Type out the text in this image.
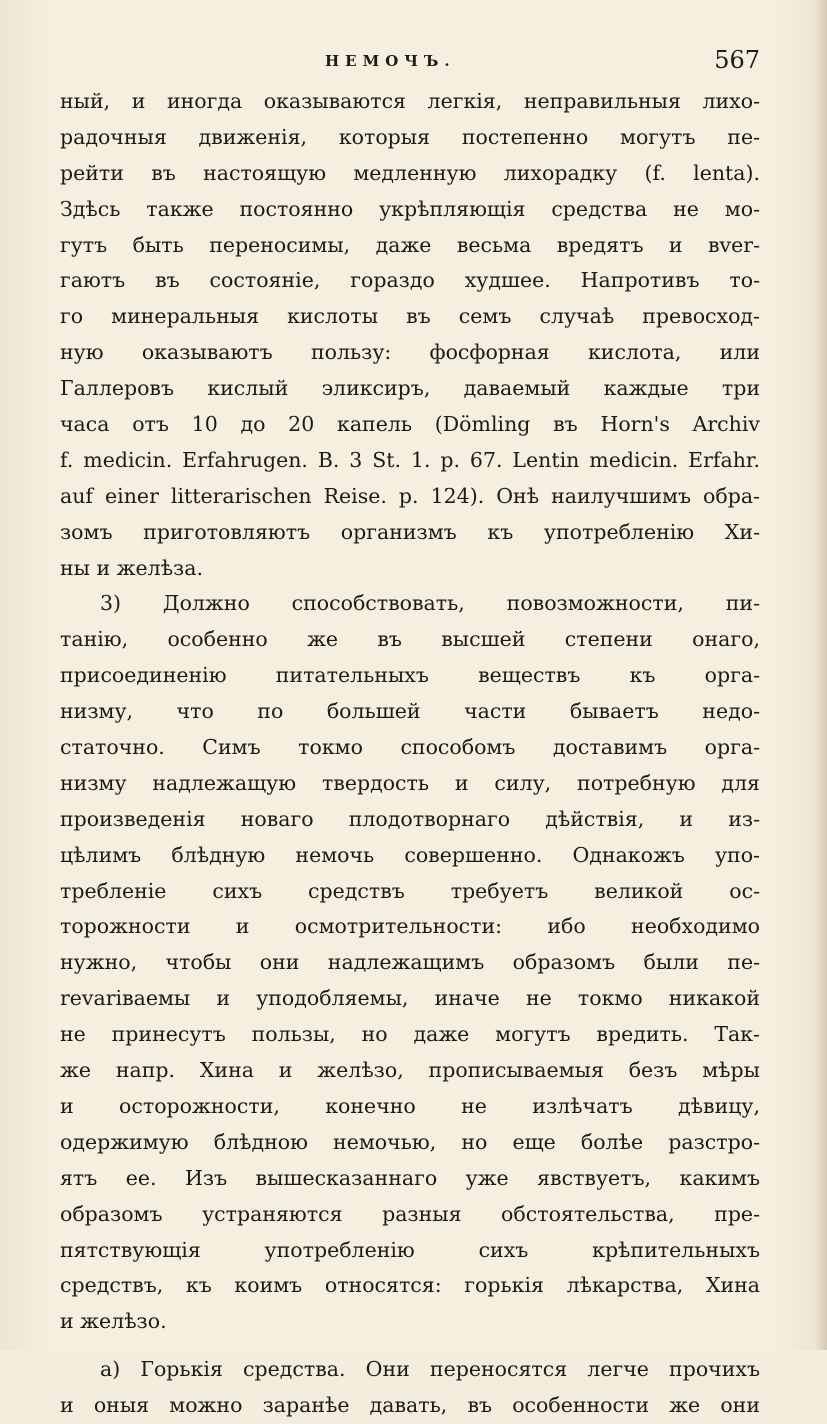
НЕМОЧЪ.	567
ный, и иногда оказываются легкія, неправильныя лихо-
радочныя движенія, которыя постепенно могутъ пе-
рейти въ настоящую медленную лихорадку (f. lenta).
Здѣсь также постоянно укрѣпляющія средства не мо-
гутъ быть переносимы, даже весьма вредятъ и вver-
гаютъ въ состояніе, гораздо худшее. Напротивъ то-
го минеральныя кислоты въ семъ случаѣ превосход-
ную оказываютъ пользу: фосфорная кислота, или
Галлеровъ кислый эликсиръ, даваемый каждые три
часа отъ 10 до 20 капель (Dömling въ Horn's Archiv
f. medicin. Erfahrugen. B. 3 St. 1. p. 67. Lentin medicin. Erfahr.
auf einer litterarischen Reise. p. 124). Онѣ наилучшимъ обра-
зомъ приготовляютъ организмъ къ употребленію Хи-
ны и желѣза.
3) Должно способствовать, повозможности, пи-
танію, особенно же въ высшей степени онаго,
присоединенію питательныхъ веществъ къ орга-
низму, что по большей части бываетъ недо-
статочно. Симъ токмо способомъ доставимъ орга-
низму надлежащую твердость и силу, потребную для
произведенія новаго плодотворнаго дѣйствія, и из-
цѣлимъ блѣдную немочь совершенно. Однакожъ упо-
требленіе сихъ средствъ требуетъ великой ос-
торожности и осмотрительности: ибо необходимо
нужно, чтобы они надлежащимъ образомъ были пе-
revariваемы и уподобляемы, иначе не токмо никакой
не принесутъ пользы, но даже могутъ вредить. Так-
же напр. Хина и желѣзо, прописываемыя безъ мѣры
и осторожности, конечно не излѣчатъ дѣвицу,
одержимую блѣдною немочью, но еще болѣе разстро-
ятъ ее. Изъ вышесказаннаго уже явствуетъ, какимъ
образомъ устраняются разныя обстоятельства, пре-
пятствующія употребленію сихъ крѣпительныхъ
средствъ, къ коимъ относятся: горькія лѣкарства, Хина
и желѣзо.
а) Горькія средства. Они переносятся легче прочихъ
и оныя можно заранѣе давать, въ особенности же они
